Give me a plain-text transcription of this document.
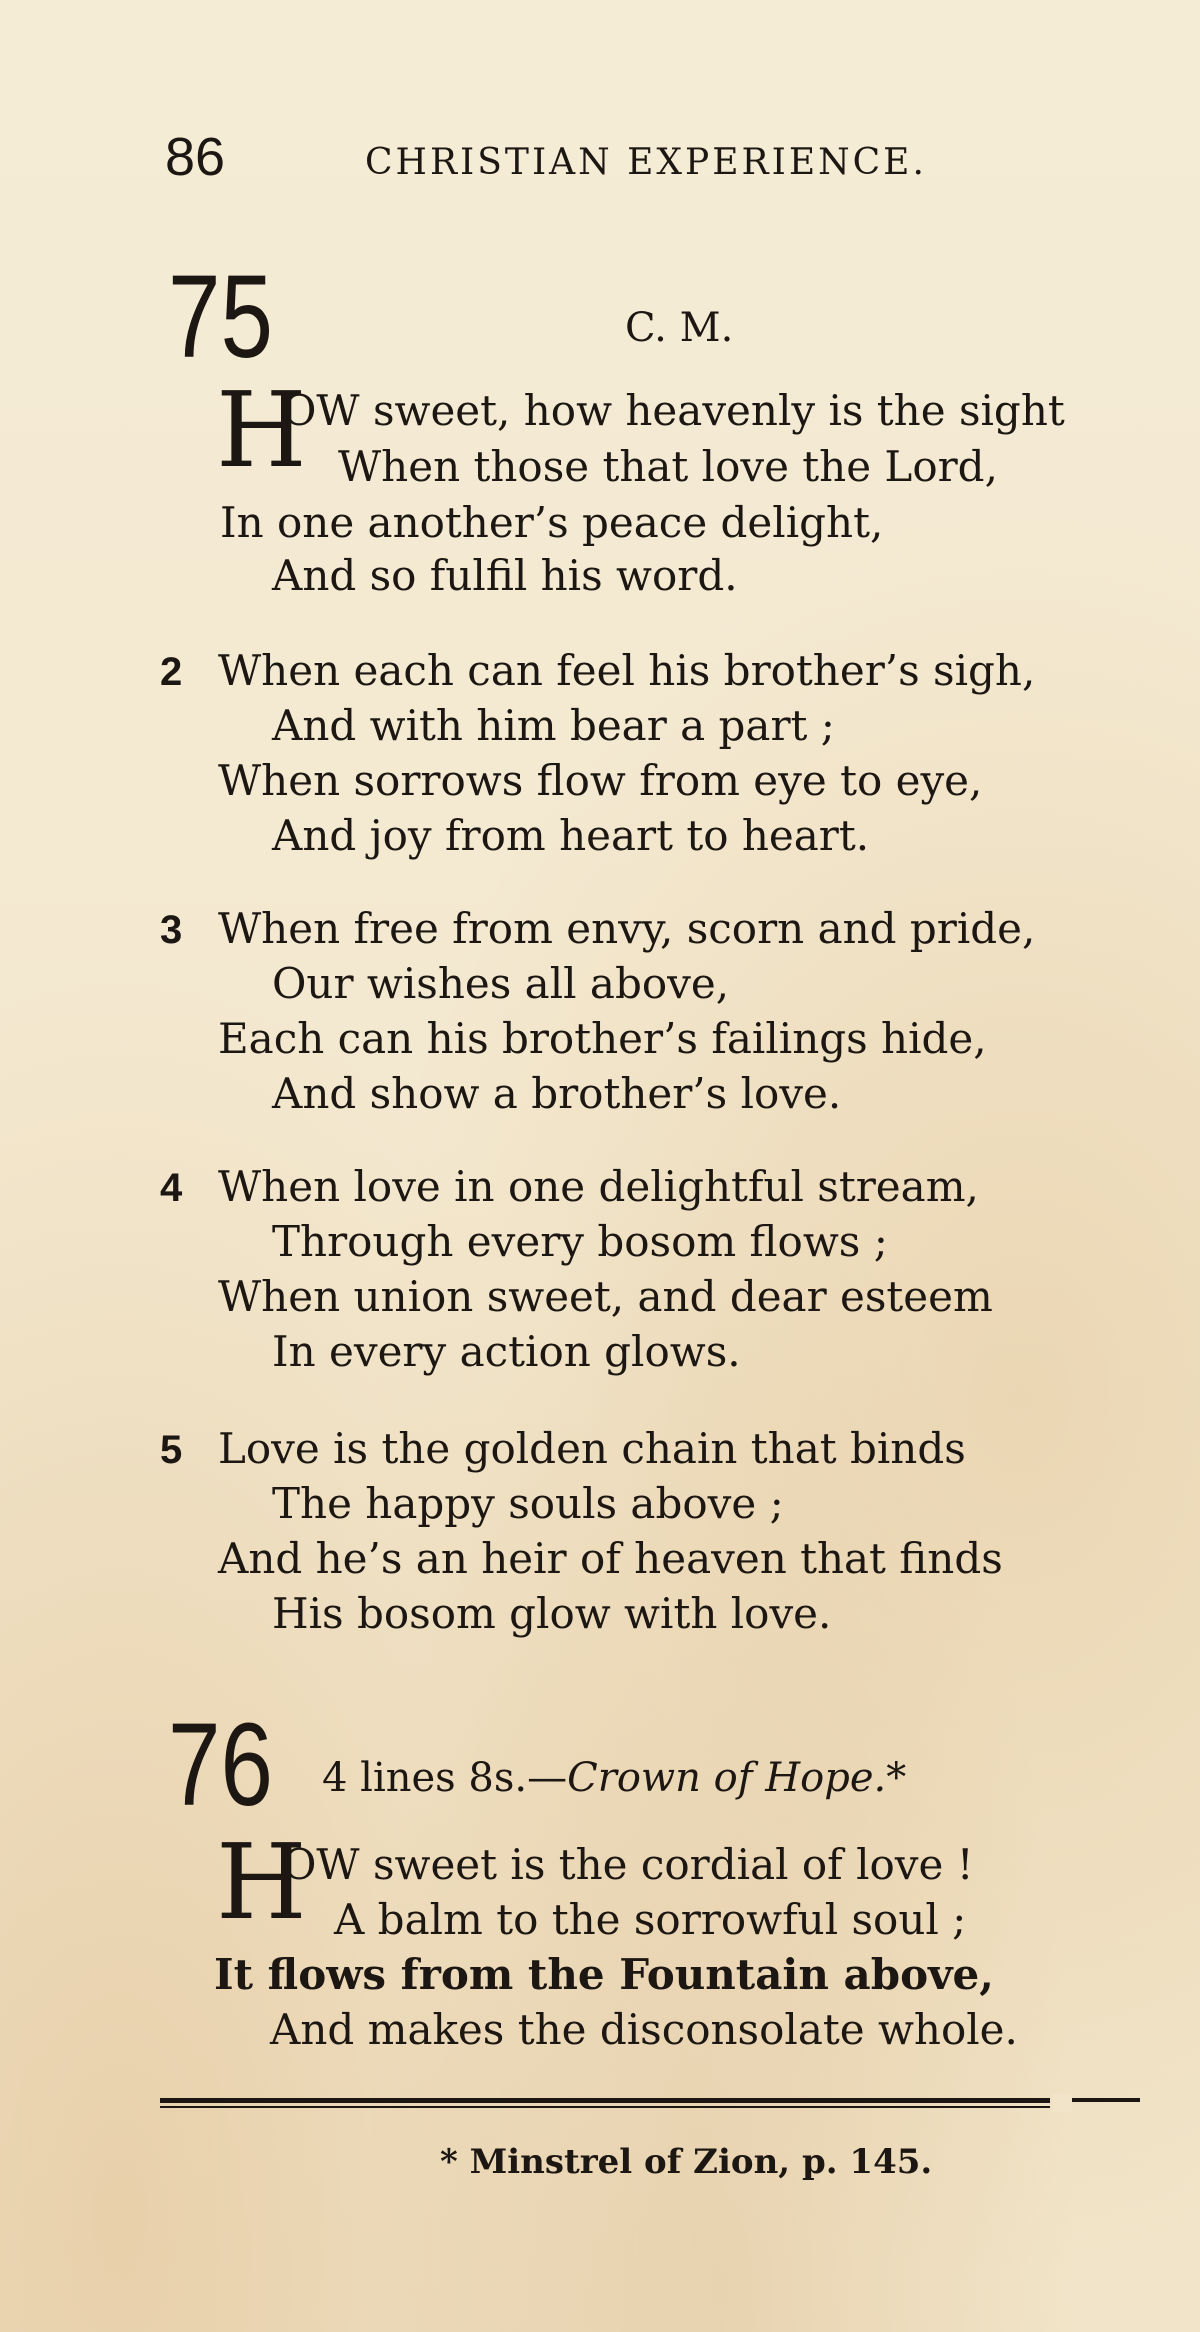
86	CHRISTIAN EXPERIENCE.
75	C. M.
H
OW sweet, how heavenly is the sight
When those that love the Lord,
In one another’s peace delight,
And so fulfil his word.
2 When each can feel his brother’s sigh,
And with him bear a part ;
When sorrows flow from eye to eye,
And joy from heart to heart.
3 When free from envy, scorn and pride,
Our wishes all above,
Each can his brother’s failings hide,
And show a brother’s love.
4 When love in one delightful stream,
Through every bosom flows ;
When union sweet, and dear esteem
In every action glows.
5 Love is the golden chain that binds
The happy souls above ;
And he’s an heir of heaven that finds
His bosom glow with love.
76 4 lines 8s.—Crown of Hope.*
H
OW sweet is the cordial of love !
A balm to the sorrowful soul ;
It flows from the Fountain above,
And makes the disconsolate whole.
* Minstrel of Zion, p. 145.
